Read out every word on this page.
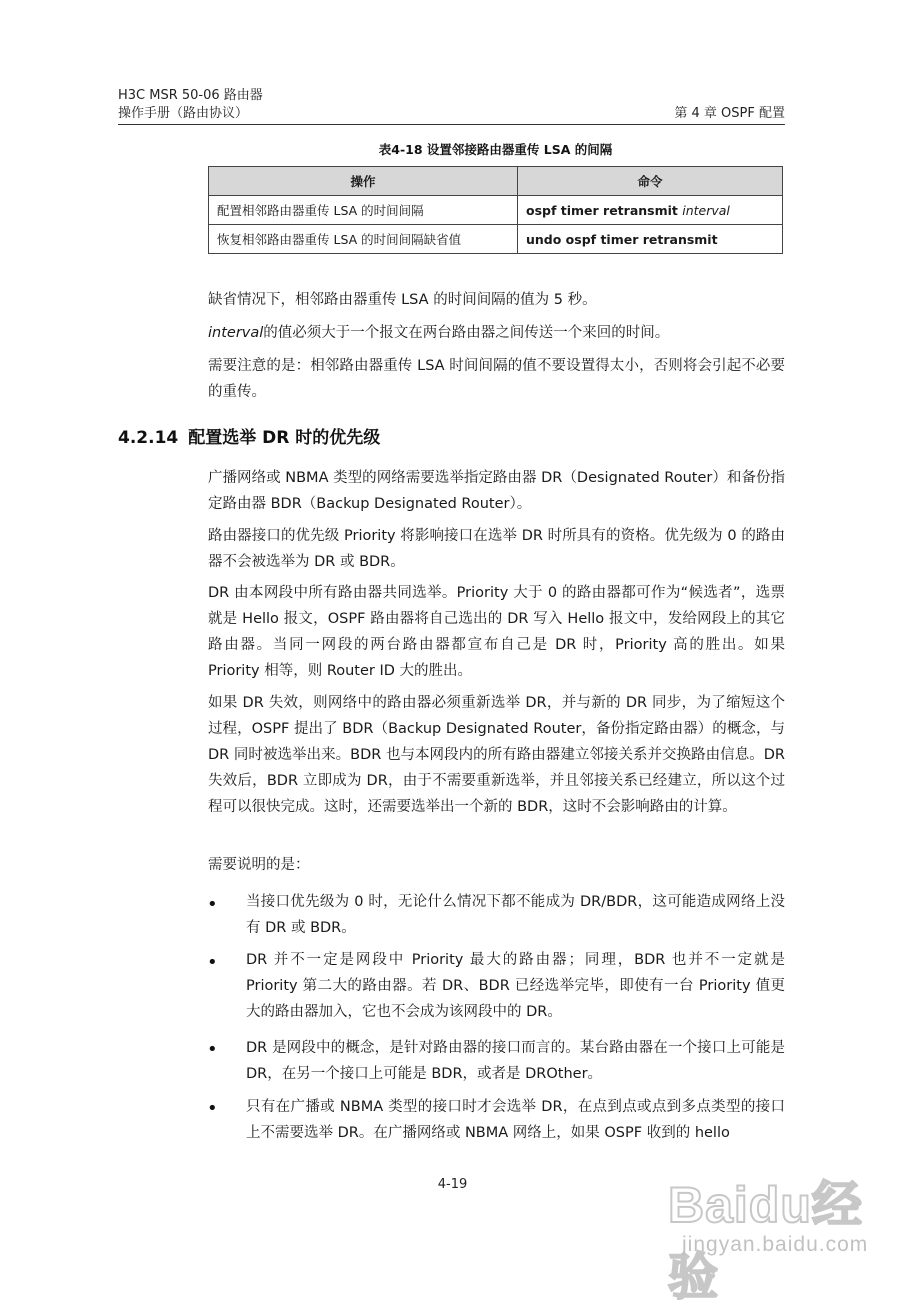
H3C MSR 50-06 路由器
操作手册（路由协议）	第 4 章 OSPF 配置
表4-18 设置邻接路由器重传 LSA 的间隔
操作	命令
配置相邻路由器重传 LSA 的时间间隔	ospf timer retransmit interval
恢复相邻路由器重传 LSA 的时间间隔缺省值	undo ospf timer retransmit

缺省情况下，相邻路由器重传 LSA 的时间间隔的值为 5 秒。

interval的值必须大于一个报文在两台路由器之间传送一个来回的时间。

需要注意的是：相邻路由器重传 LSA 时间间隔的值不要设置得太小，否则将会引起不必要的重传。

4.2.14 配置选举 DR 时的优先级

广播网络或 NBMA 类型的网络需要选举指定路由器 DR（Designated Router）和备份指定路由器 BDR（Backup Designated Router）。

路由器接口的优先级 Priority 将影响接口在选举 DR 时所具有的资格。优先级为 0 的路由器不会被选举为 DR 或 BDR。

DR 由本网段中所有路由器共同选举。Priority 大于 0 的路由器都可作为“候选者”，选票就是 Hello 报文，OSPF 路由器将自己选出的 DR 写入 Hello 报文中，发给网段上的其它路由器。当同一网段的两台路由器都宣布自己是 DR 时，Priority 高的胜出。如果 Priority 相等，则 Router ID 大的胜出。

如果 DR 失效，则网络中的路由器必须重新选举 DR，并与新的 DR 同步，为了缩短这个过程，OSPF 提出了 BDR（Backup Designated Router，备份指定路由器）的概念，与 DR 同时被选举出来。BDR 也与本网段内的所有路由器建立邻接关系并交换路由信息。DR 失效后，BDR 立即成为 DR，由于不需要重新选举，并且邻接关系已经建立，所以这个过程可以很快完成。这时，还需要选举出一个新的 BDR，这时不会影响路由的计算。

需要说明的是：

• 当接口优先级为 0 时，无论什么情况下都不能成为 DR/BDR，这可能造成网络上没有 DR 或 BDR。

• DR 并不一定是网段中 Priority 最大的路由器；同理，BDR 也并不一定就是 Priority 第二大的路由器。若 DR、BDR 已经选举完毕，即使有一台 Priority 值更大的路由器加入，它也不会成为该网段中的 DR。

• DR 是网段中的概念，是针对路由器的接口而言的。某台路由器在一个接口上可能是 DR，在另一个接口上可能是 BDR，或者是 DROther。

• 只有在广播或 NBMA 类型的接口时才会选举 DR，在点到点或点到多点类型的接口上不需要选举 DR。在广播网络或 NBMA 网络上，如果 OSPF 收到的 hello

4-19	Baidu经验
jingyan.baidu.com
